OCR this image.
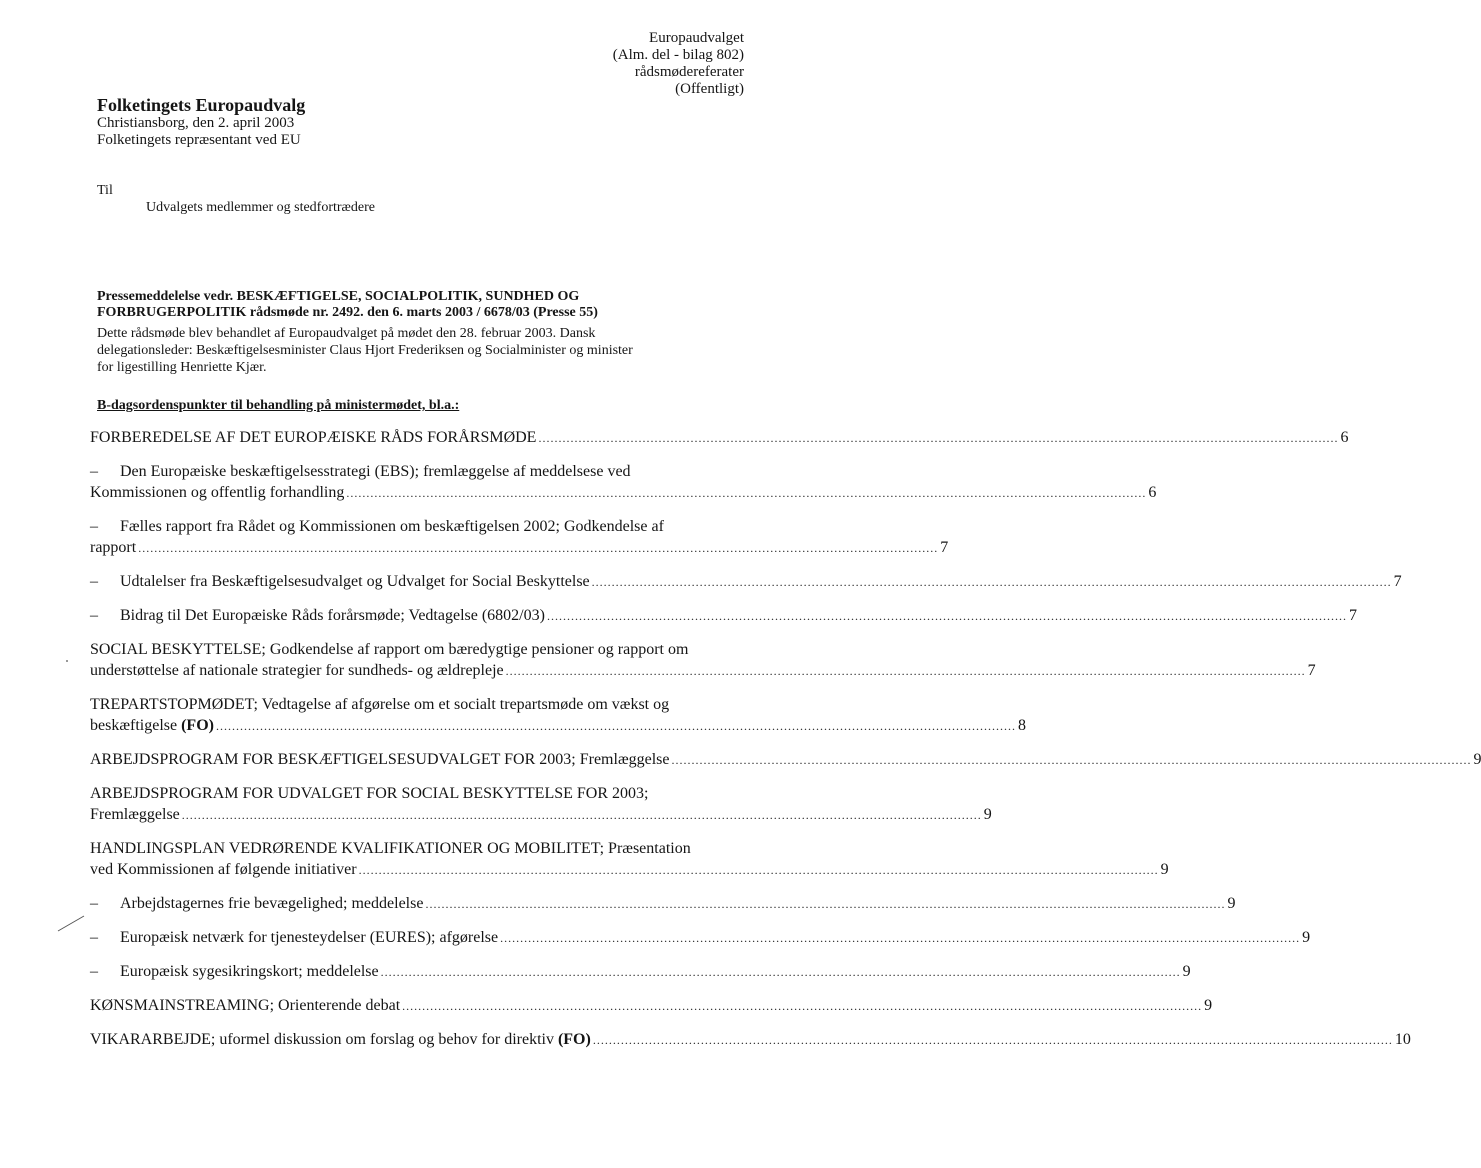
Europaudvalget
(Alm. del - bilag 802)
rådsmødereferater
(Offentligt)
Folketingets Europaudvalg
Christiansborg, den 2. april 2003
Folketingets repræsentant ved EU
Til
Udvalgets medlemmer og stedfortrædere
Pressemeddelelse vedr. BESKÆFTIGELSE, SOCIALPOLITIK, SUNDHED OG
FORBRUGERPOLITIK rådsmøde nr. 2492. den 6. marts 2003 / 6678/03 (Presse 55)
Dette rådsmøde blev behandlet af Europaudvalget på mødet den 28. februar 2003. Dansk
delegationsleder: Beskæftigelsesminister Claus Hjort Frederiksen og Socialminister og minister
for ligestilling Henriette Kjær.
B-dagsordenspunkter til behandling på ministermødet, bl.a.:
FORBEREDELSE AF DET EUROPÆISKE RÅDS FORÅRSMØDE ........................................................................................................................................................................................................ 6
– Den Europæiske beskæftigelsesstrategi (EBS); fremlæggelse af meddelsese ved
Kommissionen og offentlig forhandling ........................................................................................................................................................................................................ 6
– Fælles rapport fra Rådet og Kommissionen om beskæftigelsen 2002; Godkendelse af
rapport ........................................................................................................................................................................................................ 7
– Udtalelser fra Beskæftigelsesudvalget og Udvalget for Social Beskyttelse ........................................................................................................................................................................................................ 7
– Bidrag til Det Europæiske Råds forårsmøde; Vedtagelse (6802/03) ........................................................................................................................................................................................................ 7
SOCIAL BESKYTTELSE; Godkendelse af rapport om bæredygtige pensioner og rapport om
understøttelse af nationale strategier for sundheds- og ældrepleje ........................................................................................................................................................................................................ 7
TREPARTSTOPMØDET; Vedtagelse af afgørelse om et socialt trepartsmøde om vækst og
beskæftigelse (FO) ........................................................................................................................................................................................................ 8
ARBEJDSPROGRAM FOR BESKÆFTIGELSESUDVALGET FOR 2003; Fremlæggelse ........................................................................................................................................................................................................ 9
ARBEJDSPROGRAM FOR UDVALGET FOR SOCIAL BESKYTTELSE FOR 2003;
Fremlæggelse ........................................................................................................................................................................................................ 9
HANDLINGSPLAN VEDRØRENDE KVALIFIKATIONER OG MOBILITET; Præsentation
ved Kommissionen af følgende initiativer ........................................................................................................................................................................................................ 9
– Arbejdstagernes frie bevægelighed; meddelelse ........................................................................................................................................................................................................ 9
– Europæisk netværk for tjenesteydelser (EURES); afgørelse ........................................................................................................................................................................................................ 9
– Europæisk sygesikringskort; meddelelse ........................................................................................................................................................................................................ 9
KØNSMAINSTREAMING; Orienterende debat ........................................................................................................................................................................................................ 9
VIKARARBEJDE; uformel diskussion om forslag og behov for direktiv (FO) ........................................................................................................................................................................................................ 10
